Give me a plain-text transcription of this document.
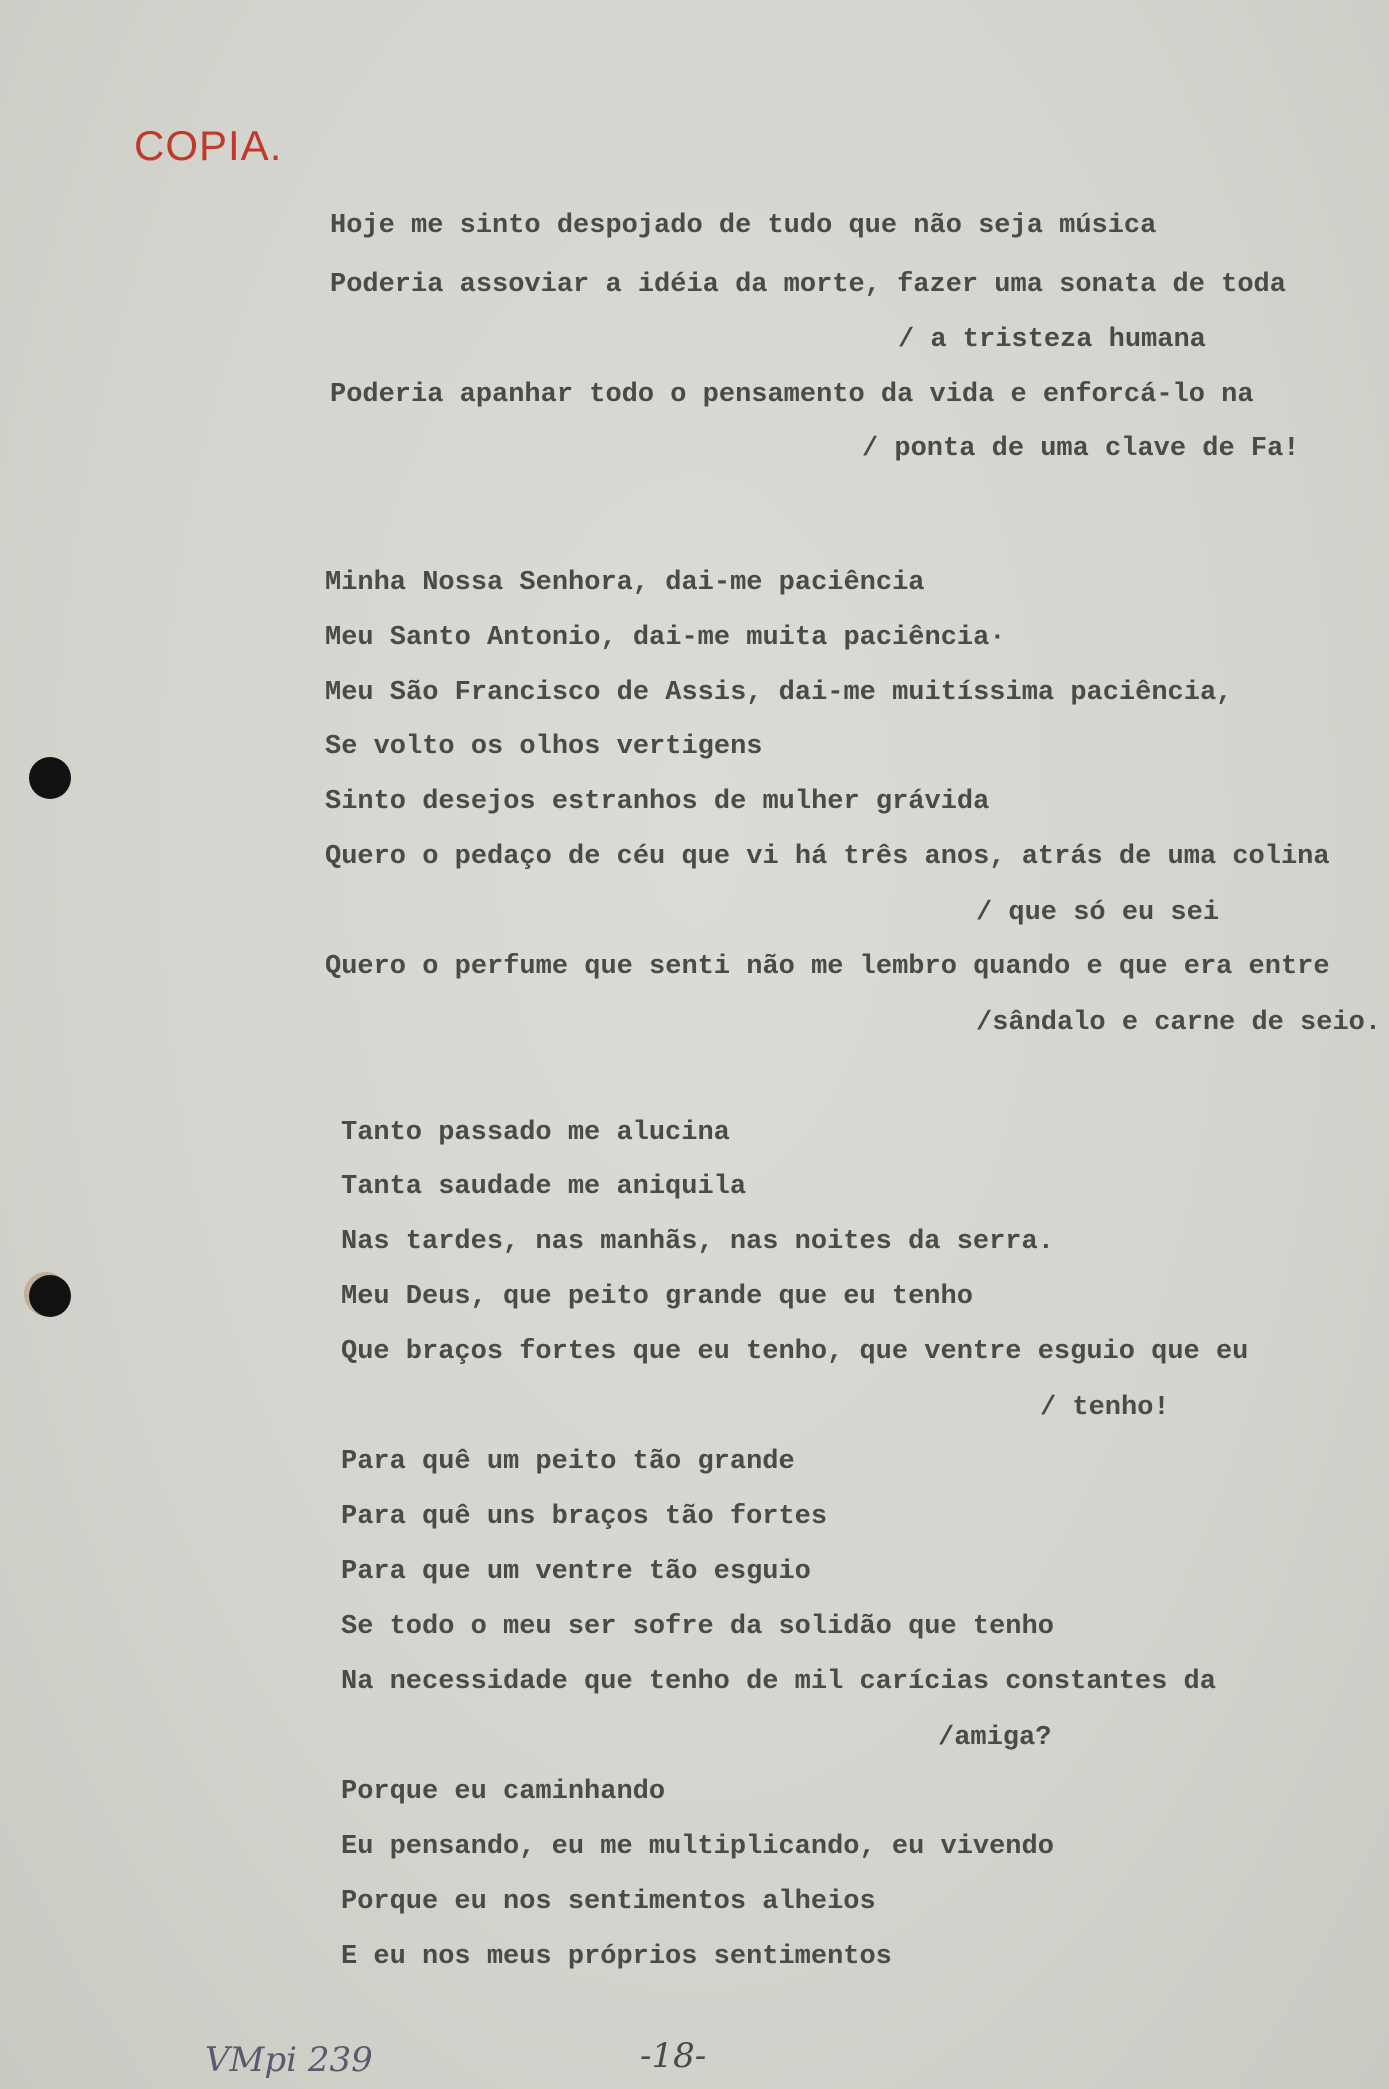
COPIA.
Hoje me sinto despojado de tudo que não seja música
Poderia assoviar a idéia da morte, fazer uma sonata de toda
/ a tristeza humana
Poderia apanhar todo o pensamento da vida e enforcá-lo na
/ ponta de uma clave de Fa!
Minha Nossa Senhora, dai-me paciência
Meu Santo Antonio, dai-me muita paciência·
Meu São Francisco de Assis, dai-me muitíssima paciência,
Se volto os olhos vertigens
Sinto desejos estranhos de mulher grávida
Quero o pedaço de céu que vi há três anos, atrás de uma colina
/ que só eu sei
Quero o perfume que senti não me lembro quando e que era entre
/sândalo e carne de seio.
Tanto passado me alucina
Tanta saudade me aniquila
Nas tardes, nas manhãs, nas noites da serra.
Meu Deus, que peito grande que eu tenho
Que braços fortes que eu tenho, que ventre esguio que eu
/ tenho!
Para quê um peito tão grande
Para quê uns braços tão fortes
Para que um ventre tão esguio
Se todo o meu ser sofre da solidão que tenho
Na necessidade que tenho de mil carícias constantes da
/amiga?
Porque eu caminhando
Eu pensando, eu me multiplicando, eu vivendo
Porque eu nos sentimentos alheios
E eu nos meus próprios sentimentos
VMpi 239	-18-
